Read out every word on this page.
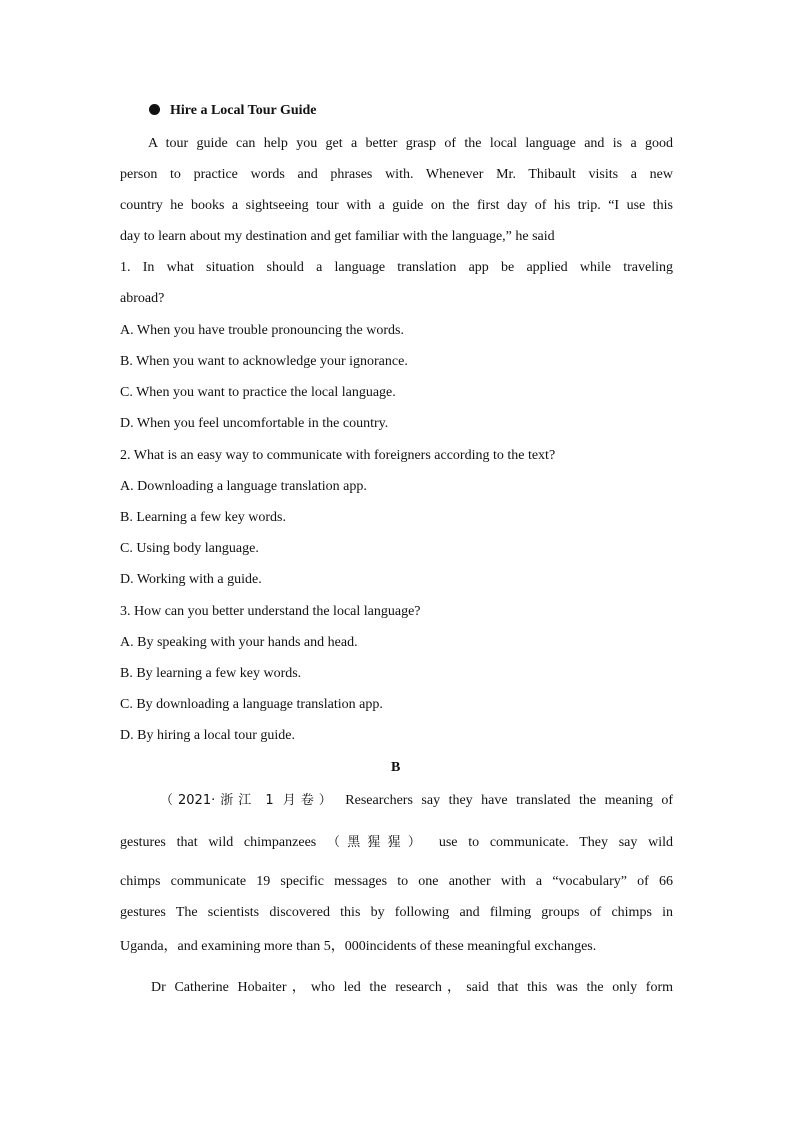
Hire a Local Tour Guide
A tour guide can help you get a better grasp of the local language and is a good
person to practice words and phrases with. Whenever Mr. Thibault visits a new
country he books a sightseeing tour with a guide on the first day of his trip. “I use this
day to learn about my destination and get familiar with the language,” he said
1. In what situation should a language translation app be applied while traveling
abroad?
A. When you have trouble pronouncing the words.
B. When you want to acknowledge your ignorance.
C. When you want to practice the local language.
D. When you feel uncomfortable in the country.
2. What is an easy way to communicate with foreigners according to the text?
A. Downloading a language translation app.
B. Learning a few key words.
C. Using body language.
D. Working with a guide.
3. How can you better understand the local language?
A. By speaking with your hands and head.
B. By learning a few key words.
C. By downloading a language translation app.
D. By hiring a local tour guide.
B
（2021·浙江 1 月卷） Researchers say they have translated the meaning of
gestures that wild chimpanzees （黑猩猩） use to communicate. They say wild
chimps communicate 19 specific messages to one another with a “vocabulary” of 66
gestures The scientists discovered this by following and filming groups of chimps in
Uganda，and examining more than 5，000incidents of these meaningful exchanges.
Dr Catherine Hobaiter，who led the research，said that this was the only form
